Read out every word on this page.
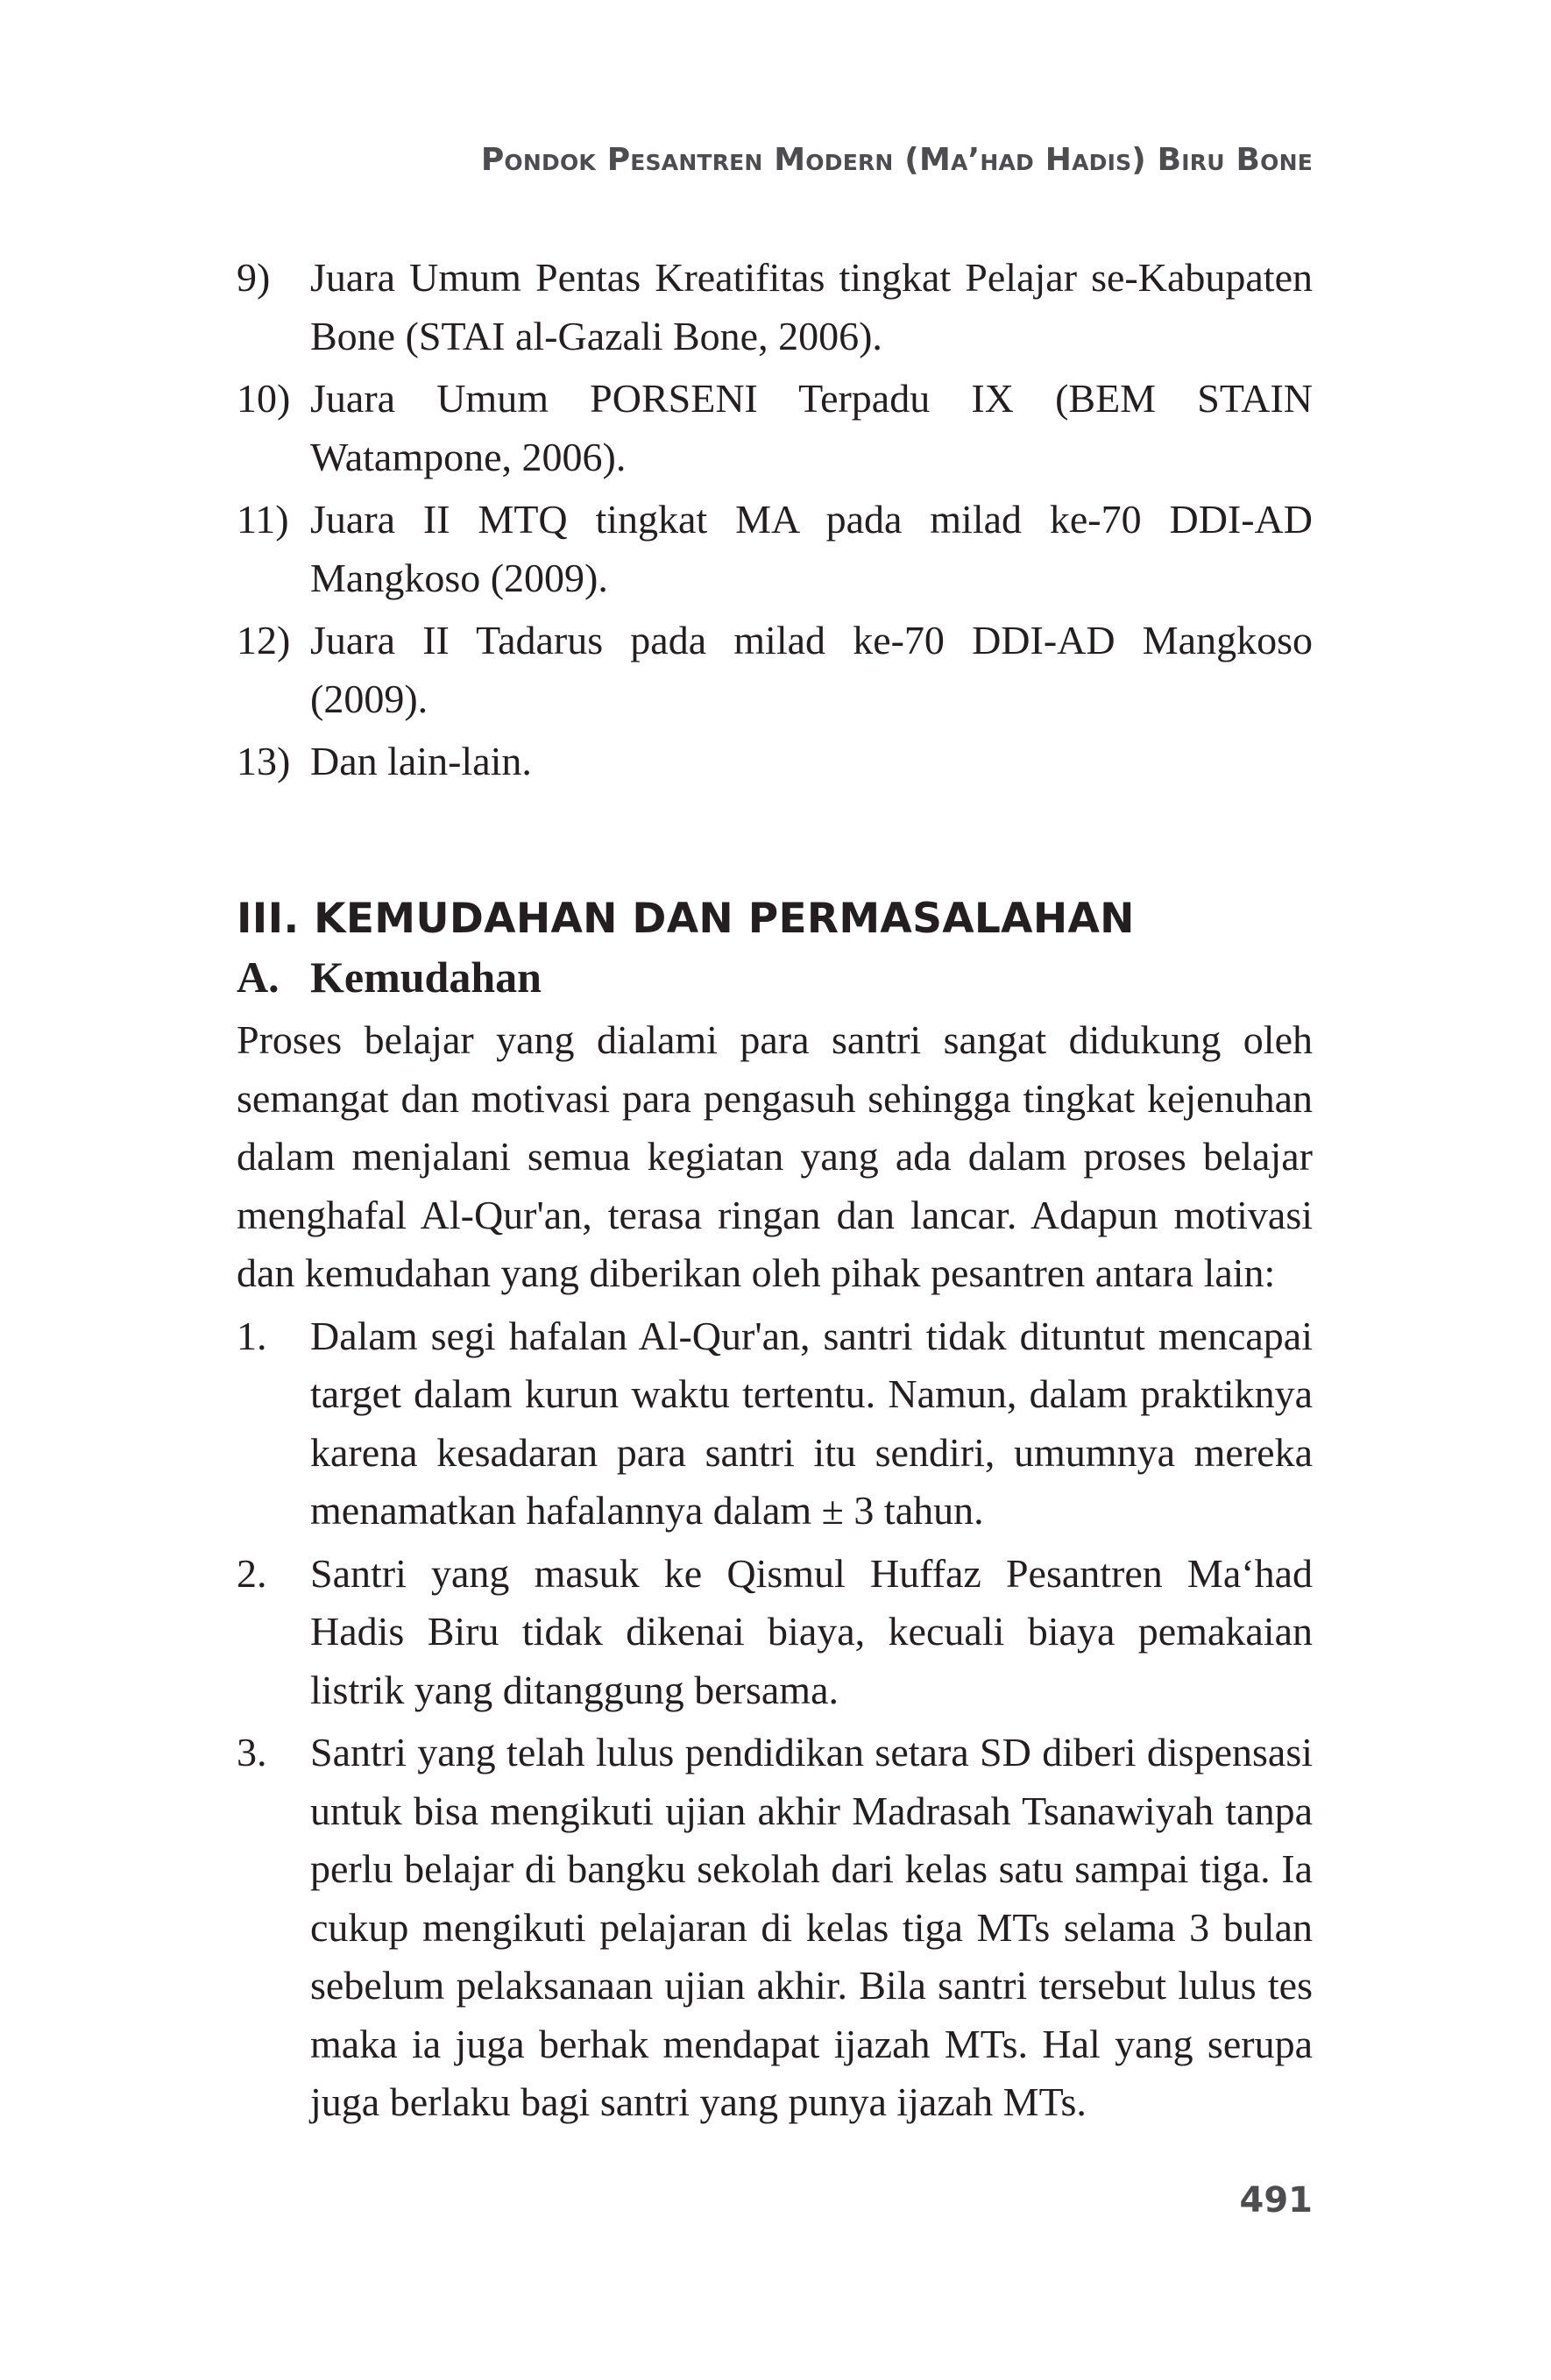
Pondok Pesantren Modern (Ma’had Hadis) Biru Bone
9) Juara Umum Pentas Kreatifitas tingkat Pelajar se-Kabupaten Bone (STAI al-Gazali Bone, 2006).
10) Juara Umum PORSENI Terpadu IX (BEM STAIN Watampone, 2006).
11) Juara II MTQ tingkat MA pada milad ke-70 DDI-AD Mangkoso (2009).
12) Juara II Tadarus pada milad ke-70 DDI-AD Mangkoso (2009).
13) Dan lain-lain.
III. KEMUDAHAN DAN PERMASALAHAN
A. Kemudahan

Proses belajar yang dialami para santri sangat didukung oleh semangat dan motivasi para pengasuh sehingga tingkat kejenuhan dalam menjalani semua kegiatan yang ada dalam proses belajar menghafal Al-Qur'an, terasa ringan dan lancar. Adapun motivasi dan kemudahan yang diberikan oleh pihak pesantren antara lain:

1. Dalam segi hafalan Al-Qur'an, santri tidak dituntut mencapai target dalam kurun waktu tertentu. Namun, dalam praktiknya karena kesadaran para santri itu sendiri, umumnya mereka menamatkan hafalannya dalam ± 3 tahun.
2. Santri yang masuk ke Qismul Huffaz Pesantren Ma‘had Hadis Biru tidak dikenai biaya, kecuali biaya pemakaian listrik yang ditanggung bersama.
3. Santri yang telah lulus pendidikan setara SD diberi dispensasi untuk bisa mengikuti ujian akhir Madrasah Tsanawiyah tanpa perlu belajar di bangku sekolah dari kelas satu sampai tiga. Ia cukup mengikuti pelajaran di kelas tiga MTs selama 3 bulan sebelum pelaksanaan ujian akhir. Bila santri tersebut lulus tes maka ia juga berhak mendapat ijazah MTs. Hal yang serupa juga berlaku bagi santri yang punya ijazah MTs.
491
